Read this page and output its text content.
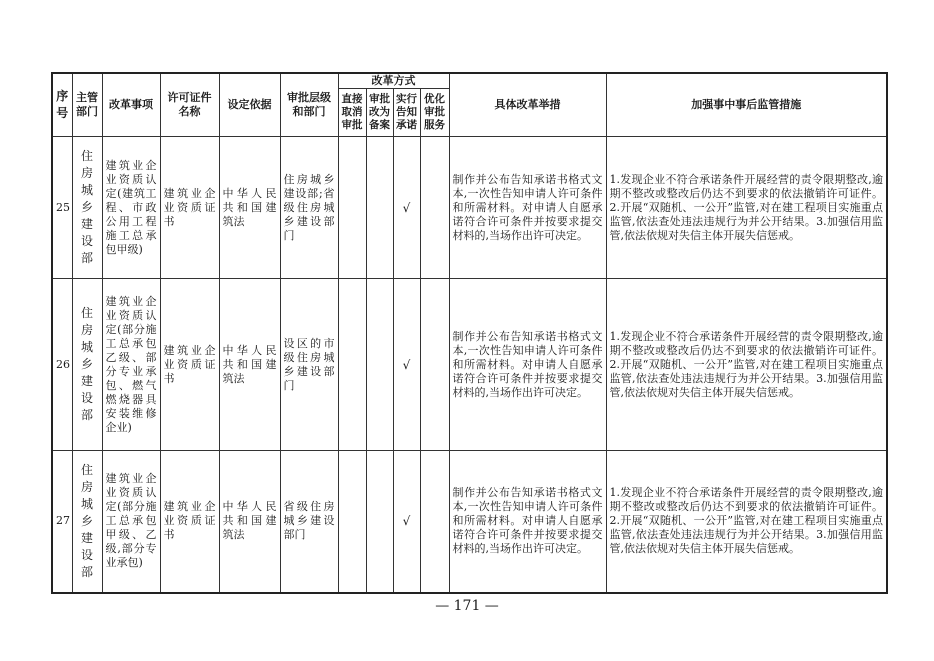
序号	主管部门	改革事项	许可证件名称	设定依据	审批层级和部门	改革方式				具体改革举措	加强事中事后监管措施
						直接取消审批	审批改为备案	实行告知承诺	优化审批服务		
25	住房城乡建设部	建筑业企业资质认定(建筑工程、市政公用工程施工总承包甲级)	建筑业企业资质证书	中华人民共和国建筑法	住房城乡建设部;省级住房城乡建设部门			√		制作并公布告知承诺书格式文本,一次性告知申请人许可条件和所需材料。对申请人自愿承诺符合许可条件并按要求提交材料的,当场作出许可决定。	1.发现企业不符合承诺条件开展经营的责令限期整改,逾期不整改或整改后仍达不到要求的依法撤销许可证件。2.开展“双随机、一公开”监管,对在建工程项目实施重点监管,依法查处违法违规行为并公开结果。3.加强信用监管,依法依规对失信主体开展失信惩戒。
26	住房城乡建设部	建筑业企业资质认定(部分施工总承包乙级、部分专业承包、燃气燃烧器具安装维修企业)	建筑业企业资质证书	中华人民共和国建筑法	设区的市级住房城乡建设部门			√		制作并公布告知承诺书格式文本,一次性告知申请人许可条件和所需材料。对申请人自愿承诺符合许可条件并按要求提交材料的,当场作出许可决定。	1.发现企业不符合承诺条件开展经营的责令限期整改,逾期不整改或整改后仍达不到要求的依法撤销许可证件。2.开展“双随机、一公开”监管,对在建工程项目实施重点监管,依法查处违法违规行为并公开结果。3.加强信用监管,依法依规对失信主体开展失信惩戒。
27	住房城乡建设部	建筑业企业资质认定(部分施工总承包甲级、乙级,部分专业承包)	建筑业企业资质证书	中华人民共和国建筑法	省级住房城乡建设部门			√		制作并公布告知承诺书格式文本,一次性告知申请人许可条件和所需材料。对申请人自愿承诺符合许可条件并按要求提交材料的,当场作出许可决定。	1.发现企业不符合承诺条件开展经营的责令限期整改,逾期不整改或整改后仍达不到要求的依法撤销许可证件。2.开展“双随机、一公开”监管,对在建工程项目实施重点监管,依法查处违法违规行为并公开结果。3.加强信用监管,依法依规对失信主体开展失信惩戒。
— 171 —
